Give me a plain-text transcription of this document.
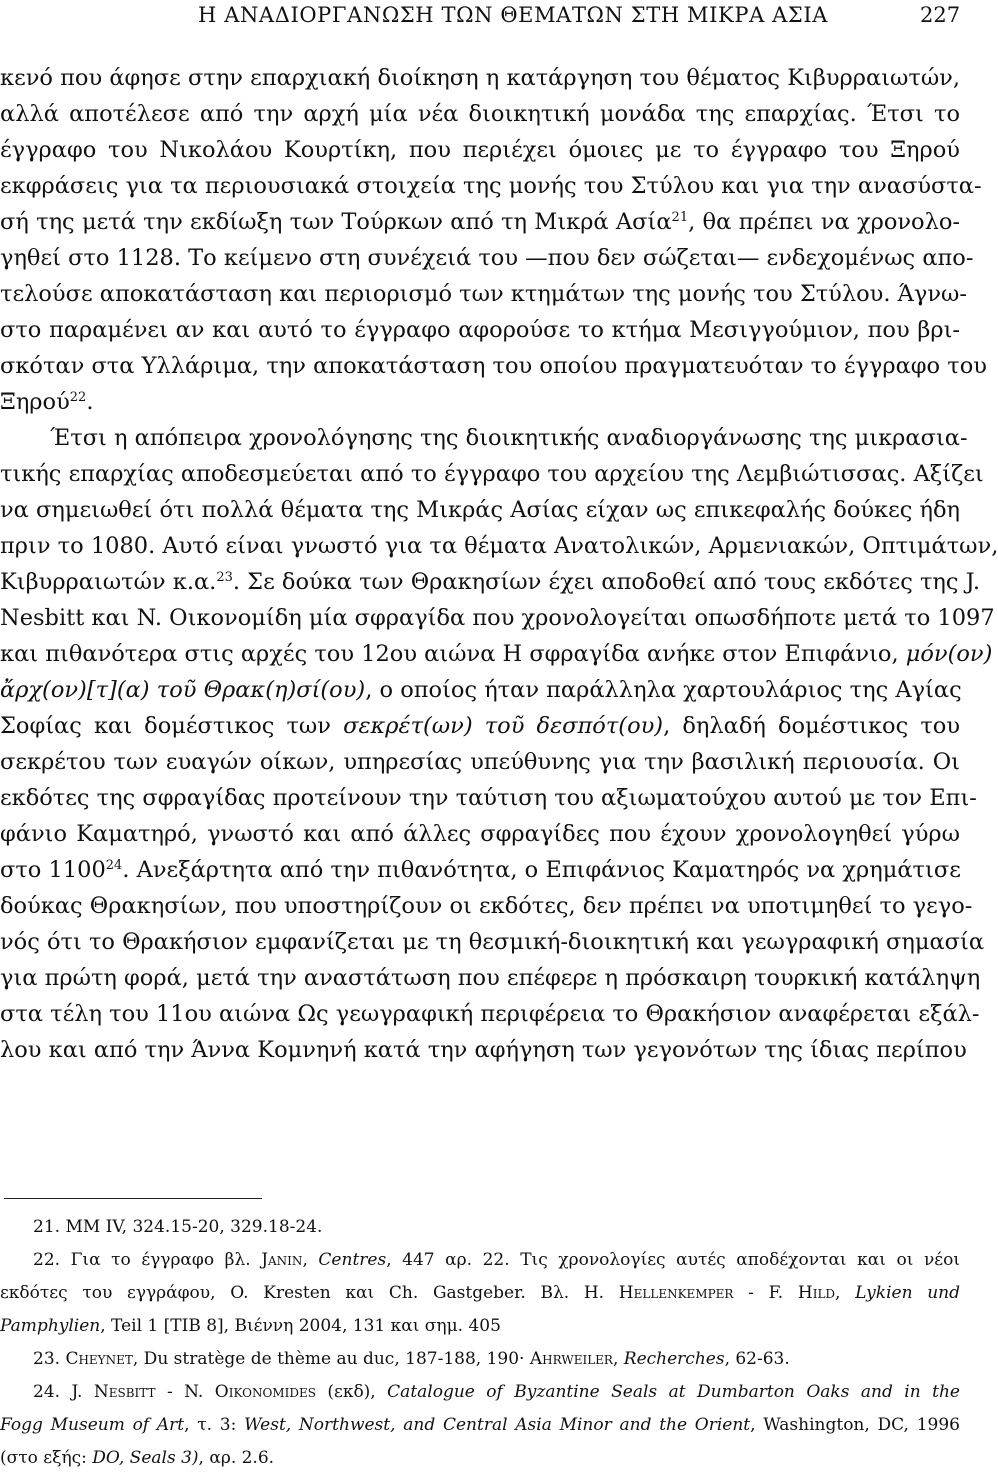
Η ΑΝΑΔΙΟΡΓΑΝΩΣΗ ΤΩΝ ΘΕΜΑΤΩΝ ΣΤΗ ΜΙΚΡΑ ΑΣΙΑ	227
κενό που άφησε στην επαρχιακή διοίκηση η κατάργηση του θέματος Κιβυρραιωτών,
αλλά αποτέλεσε από την αρχή μία νέα διοικητική μονάδα της επαρχίας. Έτσι το
έγγραφο του Νικολάου Κουρτίκη, που περιέχει όμοιες με το έγγραφο του Ξηρού
εκφράσεις για τα περιουσιακά στοιχεία της μονής του Στύλου και για την ανασύστα-
σή της μετά την εκδίωξη των Τούρκων από τη Μικρά Ασία$^{21}$, θα πρέπει να χρονολο-
γηθεί στο 1128. Το κείμενο στη συνέχειά του —που δεν σώζεται— ενδεχομένως απο-
τελούσε αποκατάσταση και περιορισμό των κτημάτων της μονής του Στύλου. Άγνω-
στο παραμένει αν και αυτό το έγγραφο αφορούσε το κτήμα Μεσιγγούμιον, που βρι-
σκόταν στα Υλλάριμα, την αποκατάσταση του οποίου πραγματευόταν το έγγραφο του
Ξηρού$^{22}$.
Έτσι η απόπειρα χρονολόγησης της διοικητικής αναδιοργάνωσης της μικρασια-
τικής επαρχίας αποδεσμεύεται από το έγγραφο του αρχείου της Λεμβιώτισσας. Αξίζει
να σημειωθεί ότι πολλά θέματα της Μικράς Ασίας είχαν ως επικεφαλής δούκες ήδη
πριν το 1080. Αυτό είναι γνωστό για τα θέματα Ανατολικών, Αρμενιακών, Οπτιμάτων,
Κιβυρραιωτών κ.α.$^{23}$. Σε δούκα των Θρακησίων έχει αποδοθεί από τους εκδότες της J.
Nesbitt και N. Οικονομίδη μία σφραγίδα που χρονολογείται οπωσδήποτε μετά το 1097
και πιθανότερα στις αρχές του 12ου αιώνα Η σφραγίδα ανήκε στον Επιφάνιο, μόν(ον)
ἄρχ(ον)[τ](α) τοῦ Θρακ(η)σί(ου), ο οποίος ήταν παράλληλα χαρτουλάριος της Αγίας
Σοφίας και δομέστικος των σεκρέτ(ων) τοῦ δεσπότ(ου), δηλαδή δομέστικος του
σεκρέτου των ευαγών οίκων, υπηρεσίας υπεύθυνης για την βασιλική περιουσία. Οι
εκδότες της σφραγίδας προτείνουν την ταύτιση του αξιωματούχου αυτού με τον Επι-
φάνιο Καματηρό, γνωστό και από άλλες σφραγίδες που έχουν χρονολογηθεί γύρω
στο 1100$^{24}$. Ανεξάρτητα από την πιθανότητα, ο Επιφάνιος Καματηρός να χρημάτισε
δούκας Θρακησίων, που υποστηρίζουν οι εκδότες, δεν πρέπει να υποτιμηθεί το γεγο-
νός ότι το Θρακήσιον εμφανίζεται με τη θεσμική-διοικητική και γεωγραφική σημασία
για πρώτη φορά, μετά την αναστάτωση που επέφερε η πρόσκαιρη τουρκική κατάληψη
στα τέλη του 11ου αιώνα Ως γεωγραφική περιφέρεια το Θρακήσιον αναφέρεται εξάλ-
λου και από την Άννα Κομνηνή κατά την αφήγηση των γεγονότων της ίδιας περίπου
21. MM IV, 324.15-20, 329.18-24.
22. Για το έγγραφο βλ. Janin, Centres, 447 αρ. 22. Τις χρονολογίες αυτές αποδέχονται και οι νέοι
εκδότες του εγγράφου, O. Kresten και Ch. Gastgeber. Βλ. H. Hellenkemper - F. Hild, Lykien und
Pamphylien, Teil 1 [TIB 8], Βιέννη 2004, 131 και σημ. 405
23. Cheynet, Du stratège de thème au duc, 187-188, 190· Ahrweiler, Recherches, 62-63.
24. J. Nesbitt - N. Oikonomides (εκδ), Catalogue of Byzantine Seals at Dumbarton Oaks and in the
Fogg Museum of Art, τ. 3: West, Northwest, and Central Asia Minor and the Orient, Washington, DC, 1996
(στο εξής: DO, Seals 3), αρ. 2.6.
